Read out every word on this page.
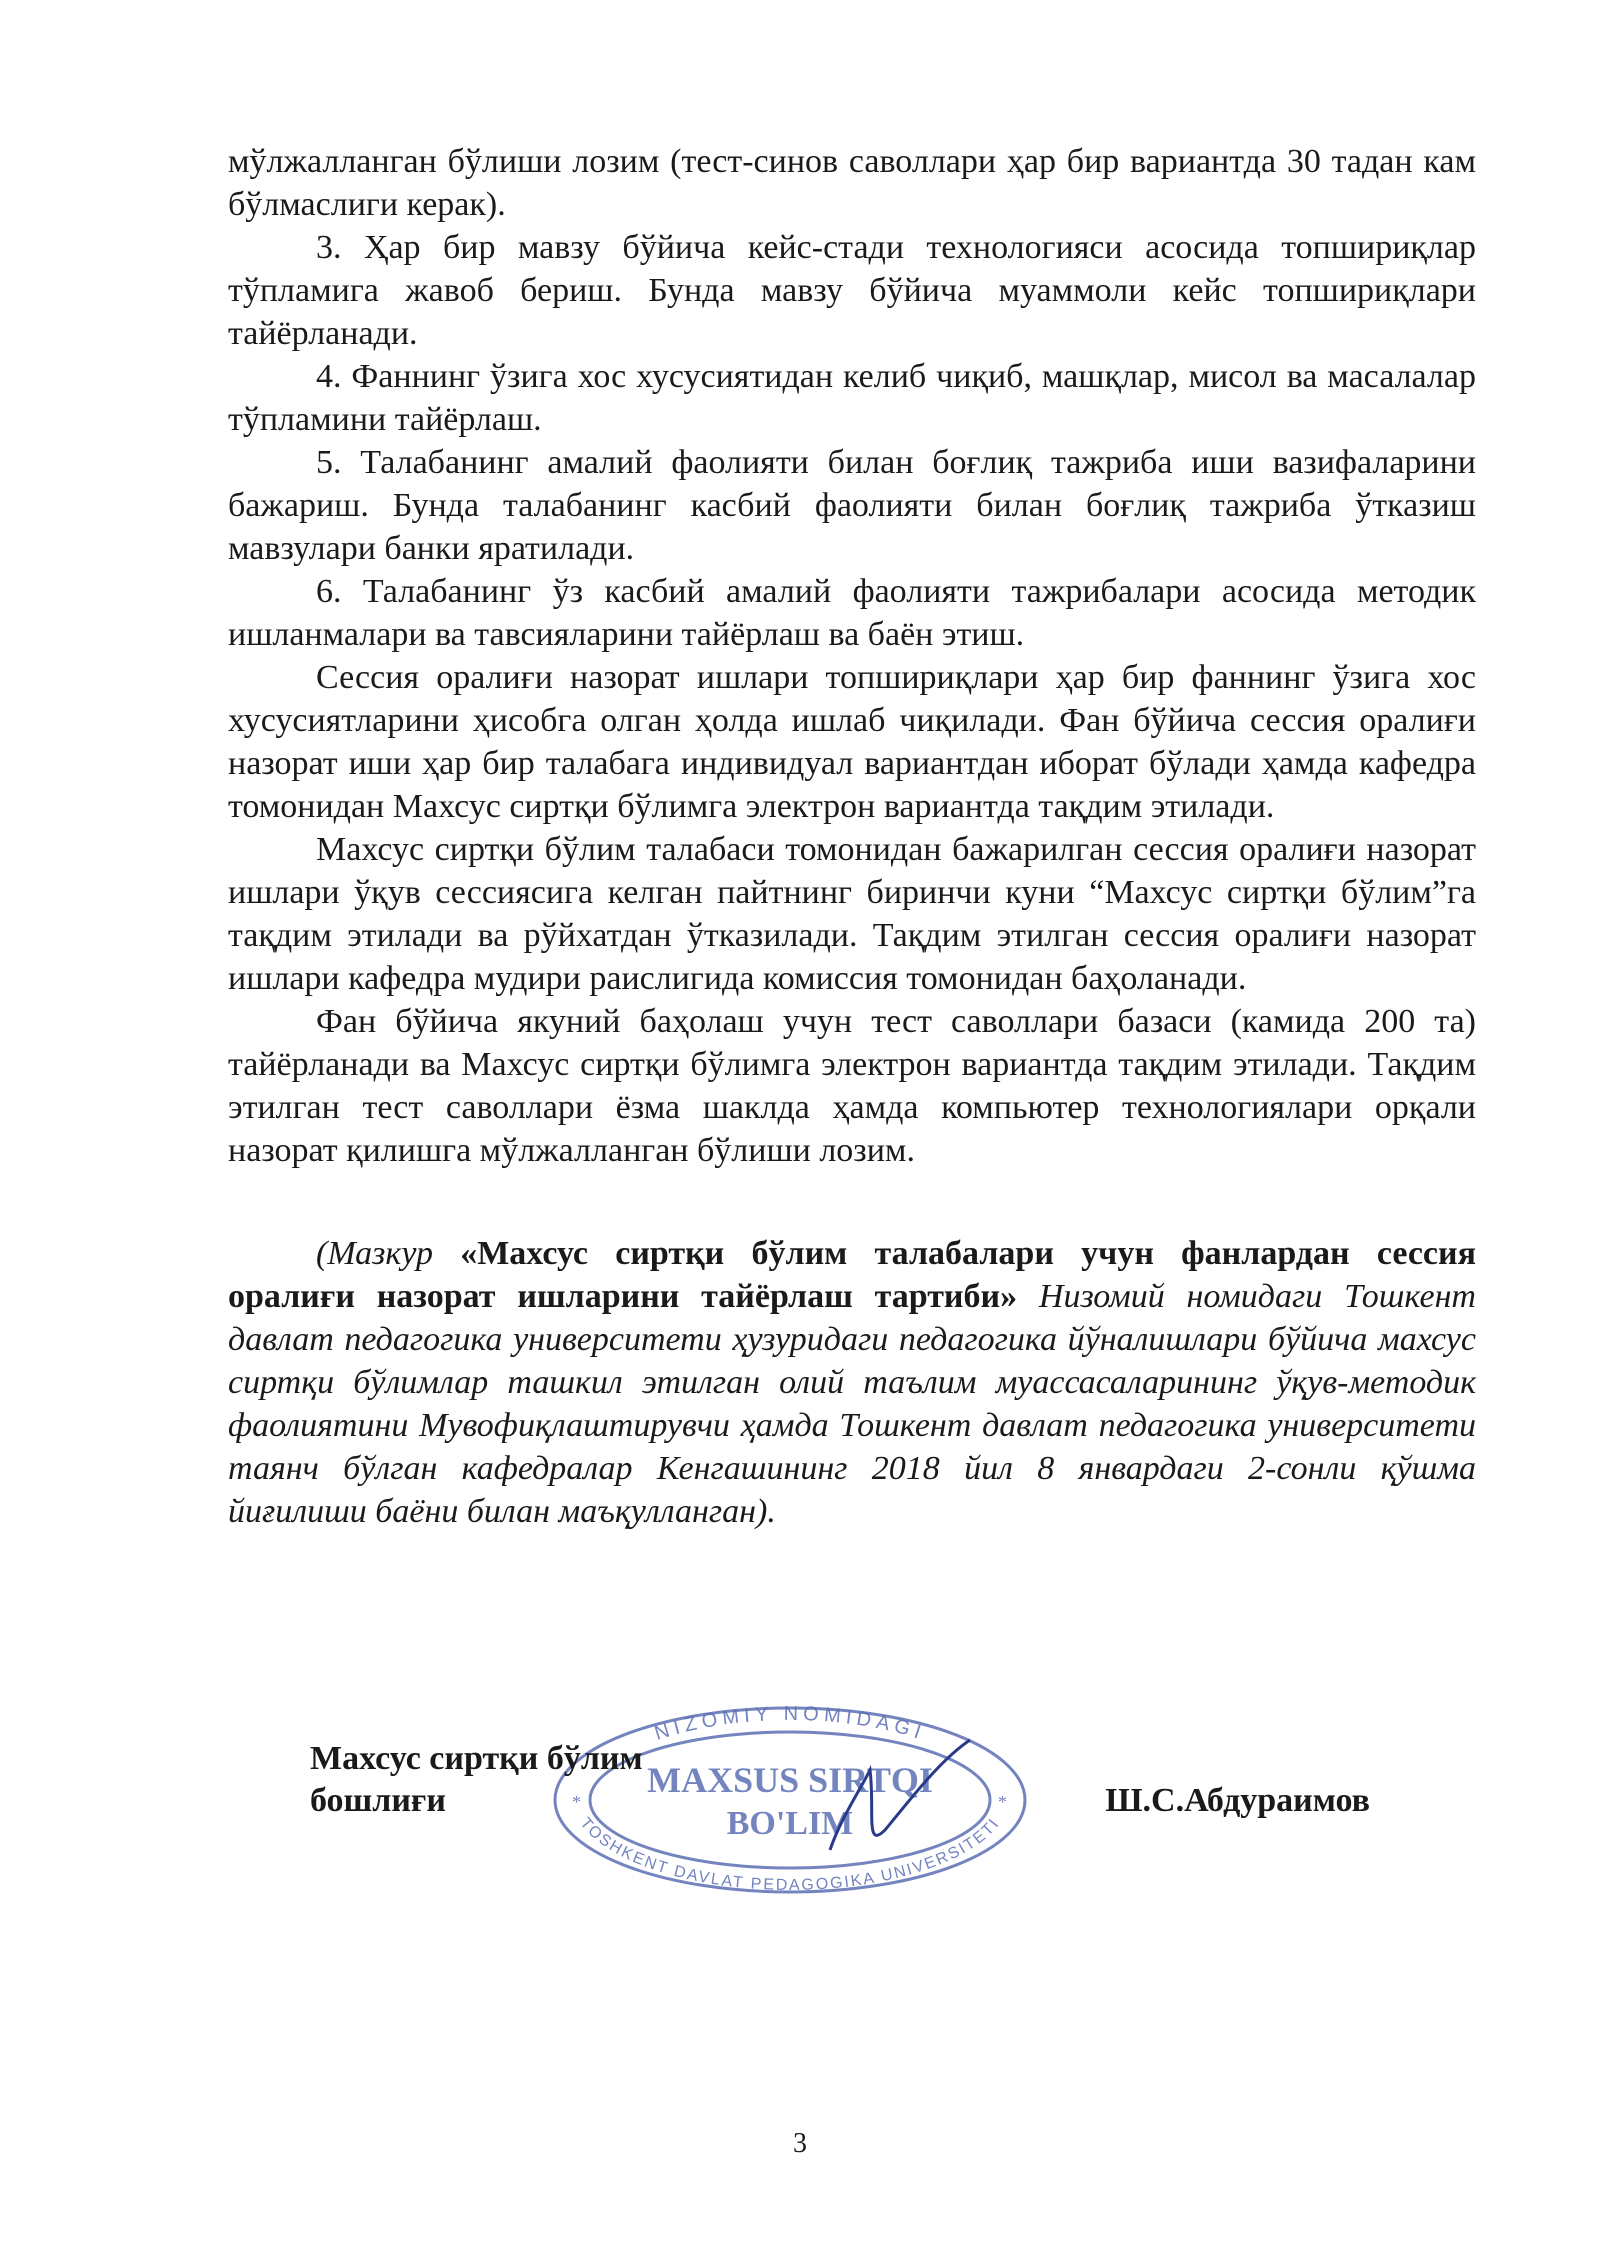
мўлжалланган бўлиши лозим (тест-синов саволлари ҳар бир вариантда 30 тадан кам бўлмаслиги керак).

3. Ҳар бир мавзу бўйича кейс-стади технологияси асосида топшириқлар тўпламига жавоб бериш. Бунда мавзу бўйича муаммоли кейс топшириқлари тайёрланади.

4. Фаннинг ўзига хос хусусиятидан келиб чиқиб, машқлар, мисол ва масалалар тўпламини тайёрлаш.

5. Талабанинг амалий фаолияти билан боғлиқ тажриба иши вазифаларини бажариш. Бунда талабанинг касбий фаолияти билан боғлиқ тажриба ўтказиш мавзулари банки яратилади.

6. Талабанинг ўз касбий амалий фаолияти тажрибалари асосида методик ишланмалари ва тавсияларини тайёрлаш ва баён этиш.

Сессия оралиғи назорат ишлари топшириқлари ҳар бир фаннинг ўзига хос хусусиятларини ҳисобга олган ҳолда ишлаб чиқилади. Фан бўйича сессия оралиғи назорат иши ҳар бир талабага индивидуал вариантдан иборат бўлади ҳамда кафедра томонидан Махсус сиртқи бўлимга электрон вариантда тақдим этилади.

Махсус сиртқи бўлим талабаси томонидан бажарилган сессия оралиғи назорат ишлари ўқув сессиясига келган пайтнинг биринчи куни “Махсус сиртқи бўлим”га тақдим этилади ва рўйхатдан ўтказилади. Тақдим этилган сессия оралиғи назорат ишлари кафедра мудири раислигида комиссия томонидан баҳоланади.

Фан бўйича якуний баҳолаш учун тест саволлари базаси (камида 200 та) тайёрланади ва Махсус сиртқи бўлимга электрон вариантда тақдим этилади. Тақдим этилган тест саволлари ёзма шаклда ҳамда компьютер технологиялари орқали назорат қилишга мўлжалланган бўлиши лозим.

(Мазкур «Махсус сиртқи бўлим талабалари учун фанлардан сессия оралиғи назорат ишларини тайёрлаш тартиби» Низомий номидаги Тошкент давлат педагогика университети ҳузуридаги педагогика йўналишлари бўйича махсус сиртқи бўлимлар ташкил этилган олий таълим муассасаларининг ўқув-методик фаолиятини Мувофиқлаштирувчи ҳамда Тошкент давлат педагогика университети таянч бўлган кафедралар Кенгашининг 2018 йил 8 январдаги 2-сонли қўшма йиғилиши баёни билан маъқулланган).

NIZOMIY NOMIDAGI
TOSHKENT DAVLAT PEDAGOGIKA UNIVERSITETI
MAXSUS SIRTQI
BO'LIM
*	*
Махсус сиртқи бўлим
бошлиғи	Ш.С.Абдураимов
3
